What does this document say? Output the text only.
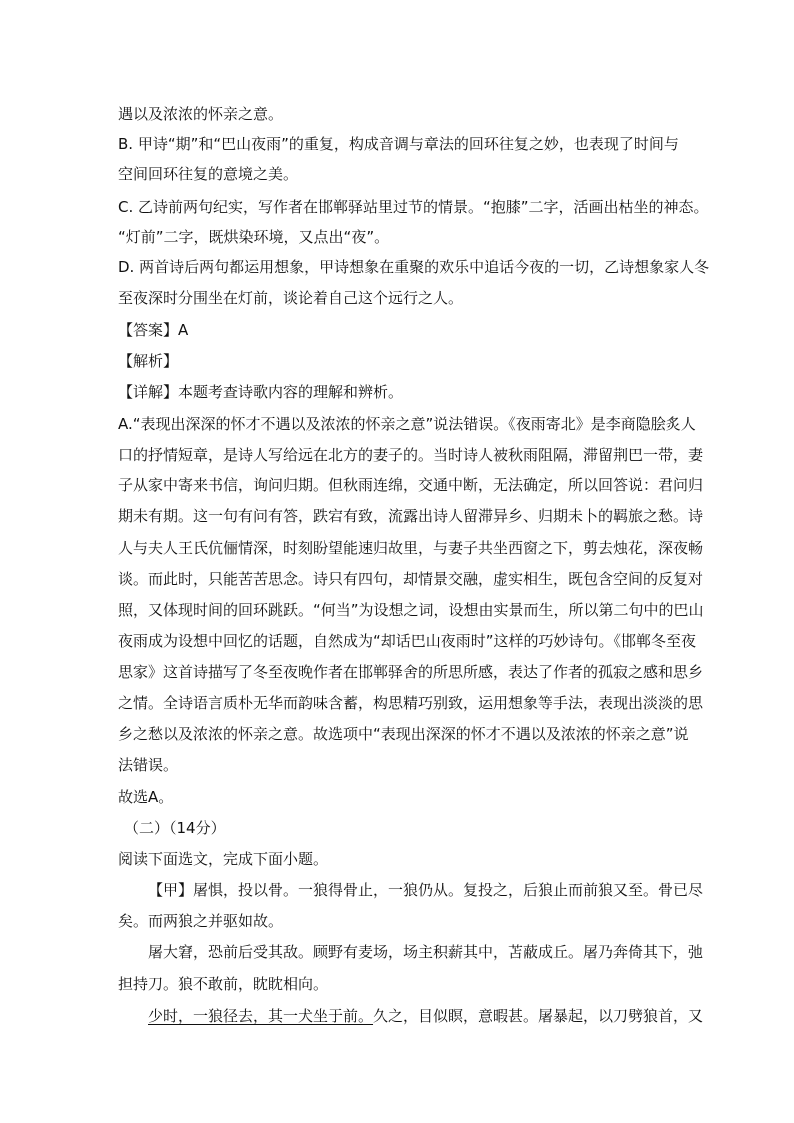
遇以及浓浓的怀亲之意。

B. 甲诗“期”和“巴山夜雨”的重复，构成音调与章法的回环往复之妙，也表现了时间与

空间回环往复的意境之美。

C. 乙诗前两句纪实，写作者在邯郸驿站里过节的情景。“抱膝”二字，活画出枯坐的神态。

“灯前”二字，既烘染环境，又点出“夜”。

D. 两首诗后两句都运用想象，甲诗想象在重聚的欢乐中追话今夜的一切，乙诗想象家人冬

至夜深时分围坐在灯前，谈论着自己这个远行之人。

【答案】A

【解析】

【详解】本题考查诗歌内容的理解和辨析。

A.“表现出深深的怀才不遇以及浓浓的怀亲之意”说法错误。《夜雨寄北》是李商隐脍炙人

口的抒情短章，是诗人写给远在北方的妻子的。当时诗人被秋雨阻隔，滞留荆巴一带，妻

子从家中寄来书信，询问归期。但秋雨连绵，交通中断，无法确定，所以回答说：君问归

期未有期。这一句有问有答，跌宕有致，流露出诗人留滞异乡、归期未卜的羁旅之愁。诗

人与夫人王氏伉俪情深，时刻盼望能速归故里，与妻子共坐西窗之下，剪去烛花，深夜畅

谈。而此时，只能苦苦思念。诗只有四句，却情景交融，虚实相生，既包含空间的反复对

照，又体现时间的回环跳跃。“何当”为设想之词，设想由实景而生，所以第二句中的巴山

夜雨成为设想中回忆的话题，自然成为“却话巴山夜雨时”这样的巧妙诗句。《邯郸冬至夜

思家》这首诗描写了冬至夜晚作者在邯郸驿舍的所思所感，表达了作者的孤寂之感和思乡

之情。全诗语言质朴无华而韵味含蓄，构思精巧别致，运用想象等手法，表现出淡淡的思

乡之愁以及浓浓的怀亲之意。故选项中“表现出深深的怀才不遇以及浓浓的怀亲之意”说

法错误。

故选A。

（二）（14分）

阅读下面选文，完成下面小题。

【甲】屠惧，投以骨。一狼得骨止，一狼仍从。复投之，后狼止而前狼又至。骨已尽

矣。而两狼之并驱如故。

屠大窘，恐前后受其敌。顾野有麦场，场主积薪其中，苫蔽成丘。屠乃奔倚其下，弛

担持刀。狼不敢前，眈眈相向。

少时，一狼径去，其一犬坐于前。久之，目似瞑，意暇甚。屠暴起，以刀劈狼首，又
